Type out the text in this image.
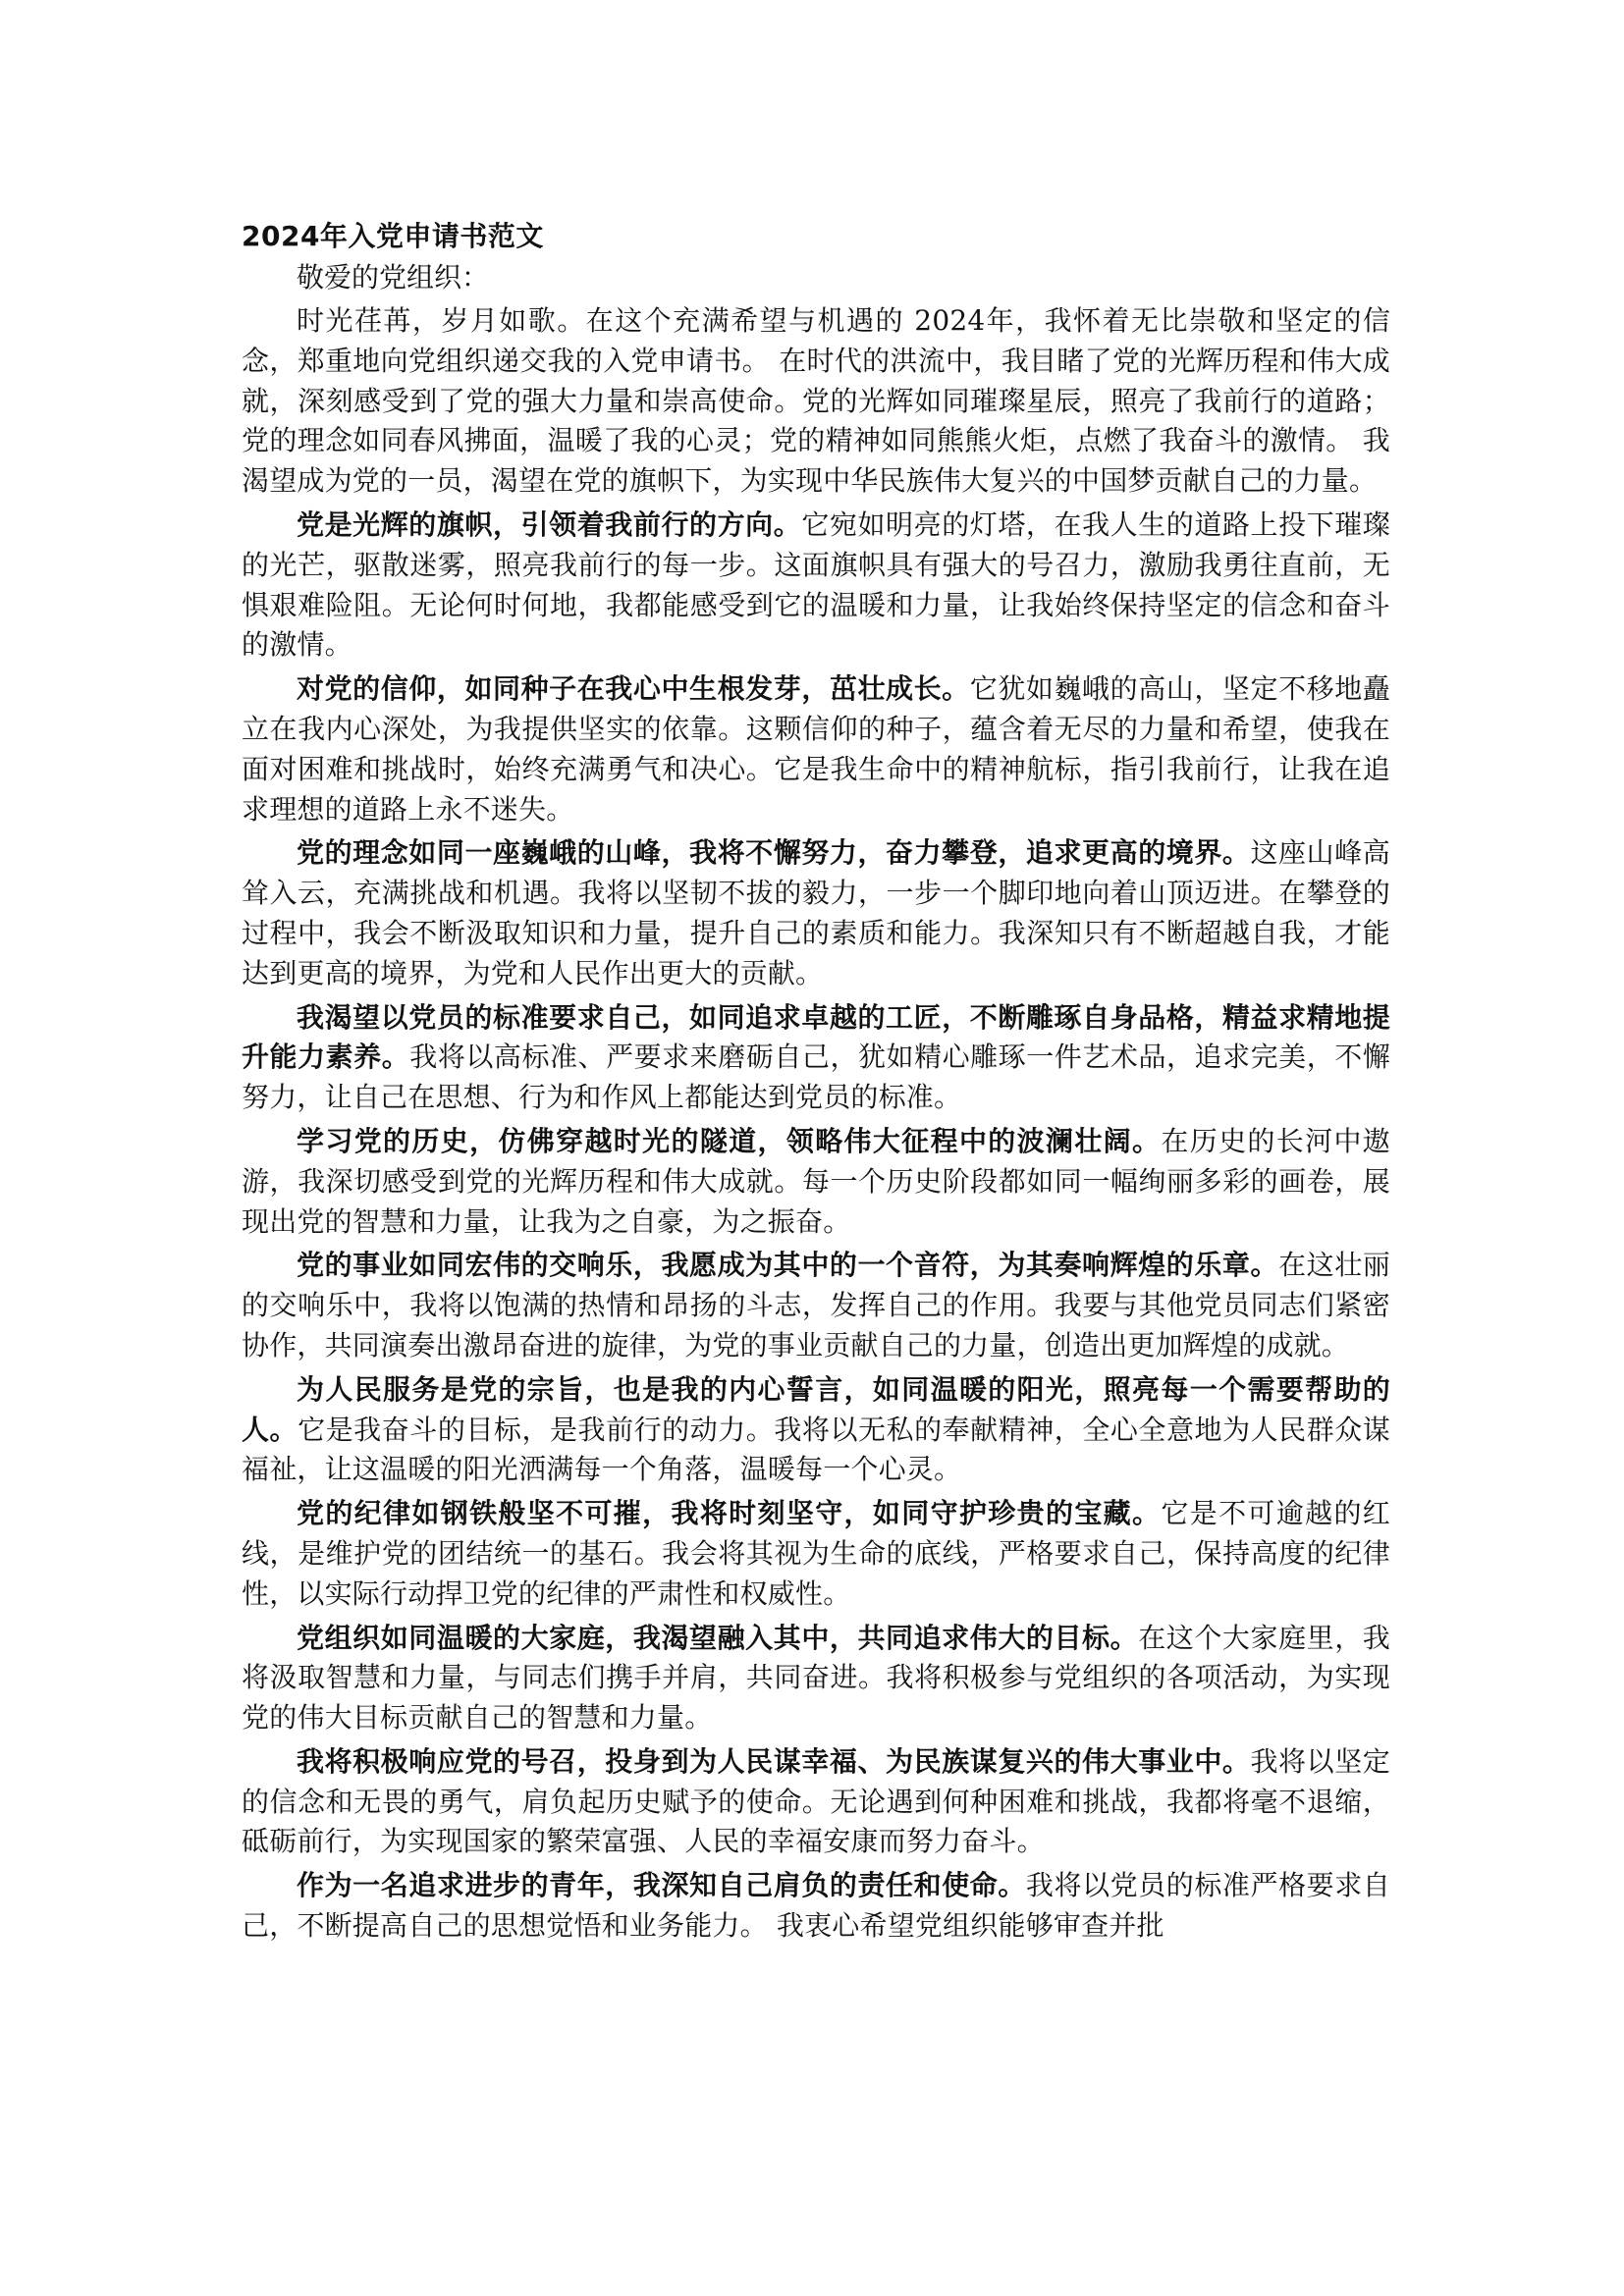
2024年入党申请书范文
敬爱的党组织：

时光荏苒，岁月如歌。在这个充满希望与机遇的 2024年，我怀着无比崇敬和坚定的信念，郑重地向党组织递交我的入党申请书。 在时代的洪流中，我目睹了党的光辉历程和伟大成就，深刻感受到了党的强大力量和崇高使命。党的光辉如同璀璨星辰，照亮了我前行的道路；党的理念如同春风拂面，温暖了我的心灵；党的精神如同熊熊火炬，点燃了我奋斗的激情。 我渴望成为党的一员，渴望在党的旗帜下，为实现中华民族伟大复兴的中国梦贡献自己的力量。

党是光辉的旗帜，引领着我前行的方向。它宛如明亮的灯塔，在我人生的道路上投下璀璨的光芒，驱散迷雾，照亮我前行的每一步。这面旗帜具有强大的号召力，激励我勇往直前，无惧艰难险阻。无论何时何地，我都能感受到它的温暖和力量，让我始终保持坚定的信念和奋斗的激情。

对党的信仰，如同种子在我心中生根发芽，茁壮成长。它犹如巍峨的高山，坚定不移地矗立在我内心深处，为我提供坚实的依靠。这颗信仰的种子，蕴含着无尽的力量和希望，使我在面对困难和挑战时，始终充满勇气和决心。它是我生命中的精神航标，指引我前行，让我在追求理想的道路上永不迷失。

党的理念如同一座巍峨的山峰，我将不懈努力，奋力攀登，追求更高的境界。这座山峰高耸入云，充满挑战和机遇。我将以坚韧不拔的毅力，一步一个脚印地向着山顶迈进。在攀登的过程中，我会不断汲取知识和力量，提升自己的素质和能力。我深知只有不断超越自我，才能达到更高的境界，为党和人民作出更大的贡献。

我渴望以党员的标准要求自己，如同追求卓越的工匠，不断雕琢自身品格，精益求精地提升能力素养。我将以高标准、严要求来磨砺自己，犹如精心雕琢一件艺术品，追求完美，不懈努力，让自己在思想、行为和作风上都能达到党员的标准。

学习党的历史，仿佛穿越时光的隧道，领略伟大征程中的波澜壮阔。在历史的长河中遨游，我深切感受到党的光辉历程和伟大成就。每一个历史阶段都如同一幅绚丽多彩的画卷，展现出党的智慧和力量，让我为之自豪，为之振奋。

党的事业如同宏伟的交响乐，我愿成为其中的一个音符，为其奏响辉煌的乐章。在这壮丽的交响乐中，我将以饱满的热情和昂扬的斗志，发挥自己的作用。我要与其他党员同志们紧密协作，共同演奏出激昂奋进的旋律，为党的事业贡献自己的力量，创造出更加辉煌的成就。

为人民服务是党的宗旨，也是我的内心誓言，如同温暖的阳光，照亮每一个需要帮助的人。它是我奋斗的目标，是我前行的动力。我将以无私的奉献精神，全心全意地为人民群众谋福祉，让这温暖的阳光洒满每一个角落，温暖每一个心灵。

党的纪律如钢铁般坚不可摧，我将时刻坚守，如同守护珍贵的宝藏。它是不可逾越的红线，是维护党的团结统一的基石。我会将其视为生命的底线，严格要求自己，保持高度的纪律性，以实际行动捍卫党的纪律的严肃性和权威性。

党组织如同温暖的大家庭，我渴望融入其中，共同追求伟大的目标。在这个大家庭里，我将汲取智慧和力量，与同志们携手并肩，共同奋进。我将积极参与党组织的各项活动，为实现党的伟大目标贡献自己的智慧和力量。

我将积极响应党的号召，投身到为人民谋幸福、为民族谋复兴的伟大事业中。我将以坚定的信念和无畏的勇气，肩负起历史赋予的使命。无论遇到何种困难和挑战，我都将毫不退缩，砥砺前行，为实现国家的繁荣富强、人民的幸福安康而努力奋斗。

作为一名追求进步的青年，我深知自己肩负的责任和使命。我将以党员的标准严格要求自己，不断提高自己的思想觉悟和业务能力。 我衷心希望党组织能够审查并批
